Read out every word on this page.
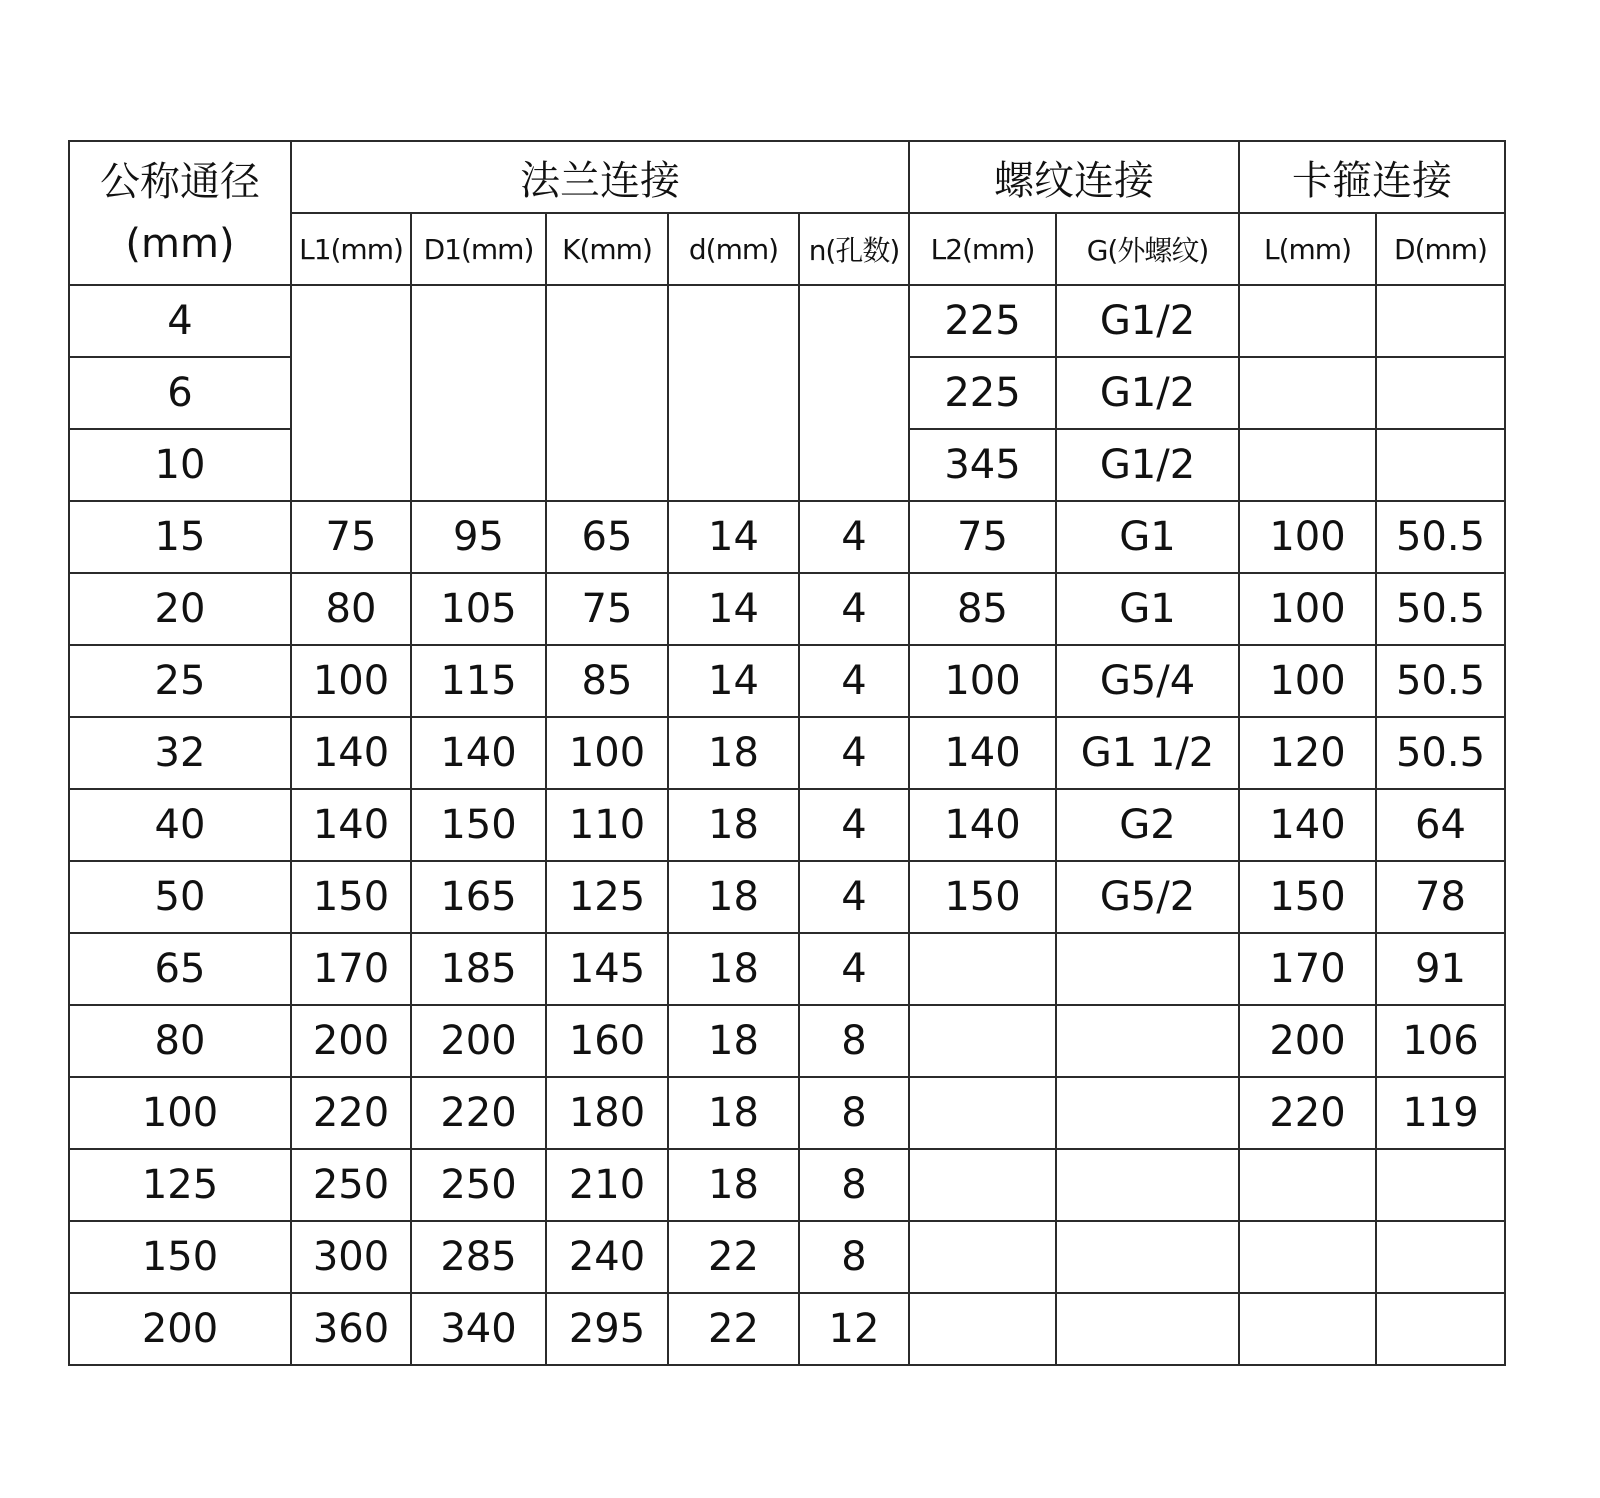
公称通径
(mm)	法兰连接					螺纹连接		卡箍连接	
	L1(mm)	D1(mm)	K(mm)	d(mm)	n(孔数)	L2(mm)	G(外螺纹)	L(mm)	D(mm)
4						225	G1/2		
6						225	G1/2		
10						345	G1/2		
15	75	95	65	14	4	75	G1	100	50.5
20	80	105	75	14	4	85	G1	100	50.5
25	100	115	85	14	4	100	G5/4	100	50.5
32	140	140	100	18	4	140	G1 1/2	120	50.5
40	140	150	110	18	4	140	G2	140	64
50	150	165	125	18	4	150	G5/2	150	78
65	170	185	145	18	4			170	91
80	200	200	160	18	8			200	106
100	220	220	180	18	8			220	119
125	250	250	210	18	8				
150	300	285	240	22	8				
200	360	340	295	22	12				
